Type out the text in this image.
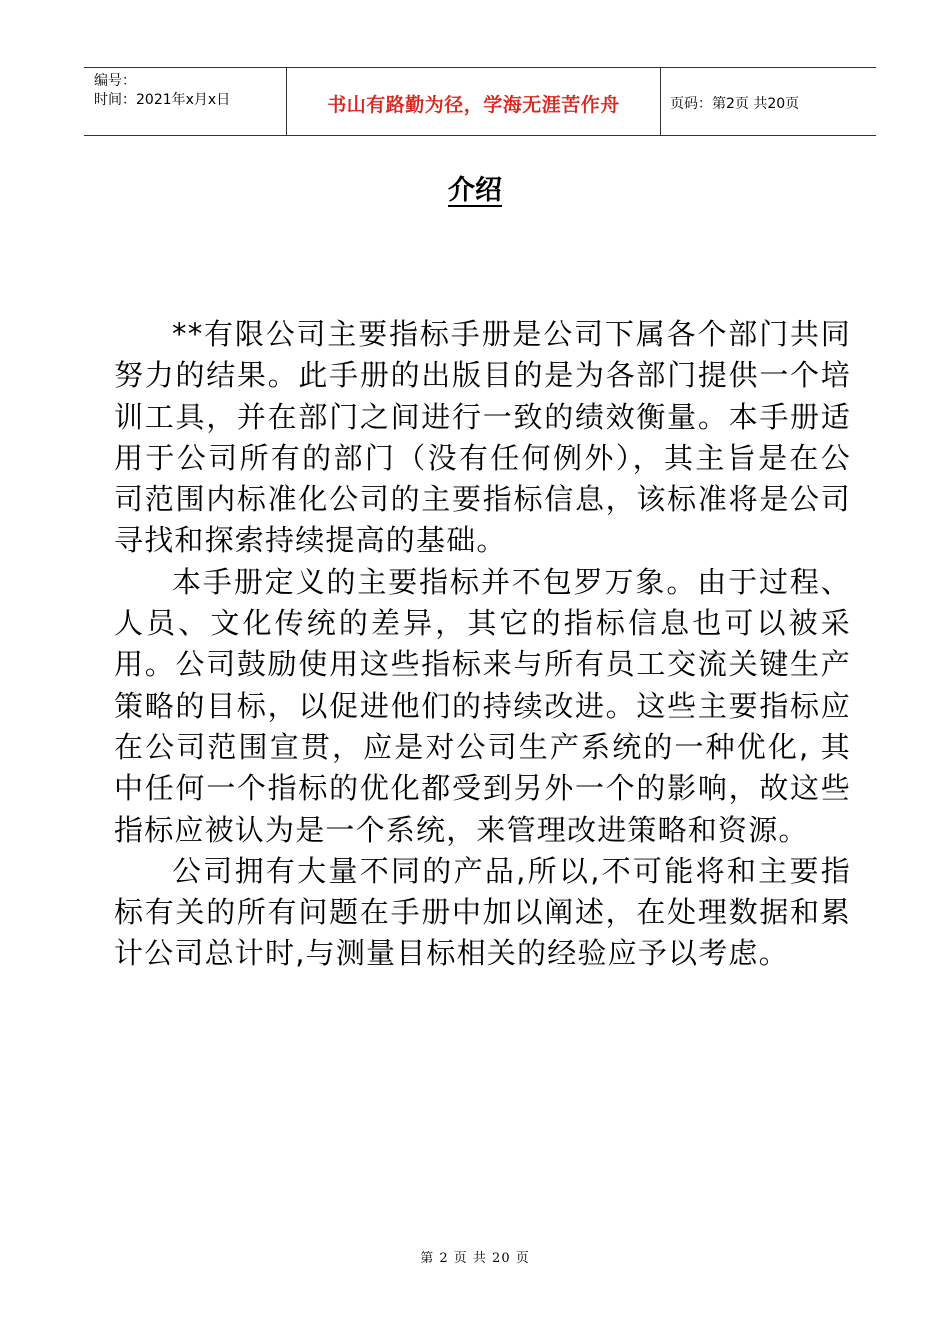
编号：
时间：2021年x月x日	书山有路勤为径，学海无涯苦作舟	页码：第2页 共20页
介绍

**有限公司主要指标手册是公司下属各个部门共同努力的结果。此手册的出版目的是为各部门提供一个培训工具，并在部门之间进行一致的绩效衡量。本手册适用于公司所有的部门（没有任何例外），其主旨是在公司范围内标准化公司的主要指标信息，该标准将是公司寻找和探索持续提高的基础。

本手册定义的主要指标并不包罗万象。由于过程、人员、文化传统的差异，其它的指标信息也可以被采用。公司鼓励使用这些指标来与所有员工交流关键生产策略的目标，以促进他们的持续改进。这些主要指标应在公司范围宣贯，应是对公司生产系统的一种优化, 其中任何一个指标的优化都受到另外一个的影响，故这些指标应被认为是一个系统，来管理改进策略和资源。

公司拥有大量不同的产品,所以,不可能将和主要指标有关的所有问题在手册中加以阐述，在处理数据和累计公司总计时,与测量目标相关的经验应予以考虑。

第 2 页 共 20 页
